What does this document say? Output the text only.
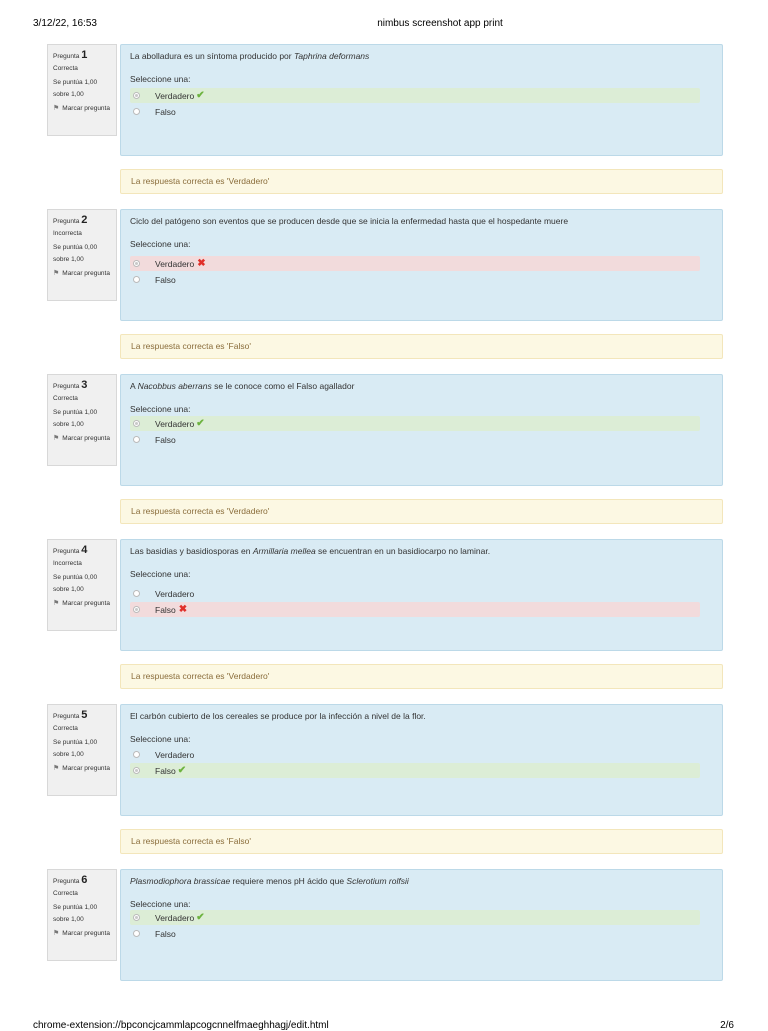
3/12/22, 16:53	nimbus screenshot app print
Pregunta 1
Correcta
Se puntúa 1,00 sobre 1,00
⚑ Marcar pregunta
La abolladura es un síntoma producido por Taphrina deformans
Seleccione una:
Verdadero ✔
Falso
La respuesta correcta es 'Verdadero'
Pregunta 2
Incorrecta
Se puntúa 0,00 sobre 1,00
⚑ Marcar pregunta
Ciclo del patógeno son eventos que se producen desde que se inicia la enfermedad hasta que el hospedante muere
Seleccione una:
Verdadero ✖
Falso
La respuesta correcta es 'Falso'
Pregunta 3
Correcta
Se puntúa 1,00 sobre 1,00
⚑ Marcar pregunta
A Nacobbus aberrans se le conoce como el Falso agallador
Seleccione una:
Verdadero ✔
Falso
La respuesta correcta es 'Verdadero'
Pregunta 4
Incorrecta
Se puntúa 0,00 sobre 1,00
⚑ Marcar pregunta
Las basidias y basidiosporas en Armillaria mellea se encuentran en un basidiocarpo no laminar.
Seleccione una:
Verdadero
Falso ✖
La respuesta correcta es 'Verdadero'
Pregunta 5
Correcta
Se puntúa 1,00 sobre 1,00
⚑ Marcar pregunta
El carbón cubierto de los cereales se produce por la infección a nivel de la flor.
Seleccione una:
Verdadero
Falso ✔
La respuesta correcta es 'Falso'
Pregunta 6
Correcta
Se puntúa 1,00 sobre 1,00
⚑ Marcar pregunta
Plasmodiophora brassicae requiere menos pH ácido que Sclerotium rolfsii
Seleccione una:
Verdadero ✔
Falso
chrome-extension://bpconcjcammlapcogcnnelfmaeghhagj/edit.html	2/6
